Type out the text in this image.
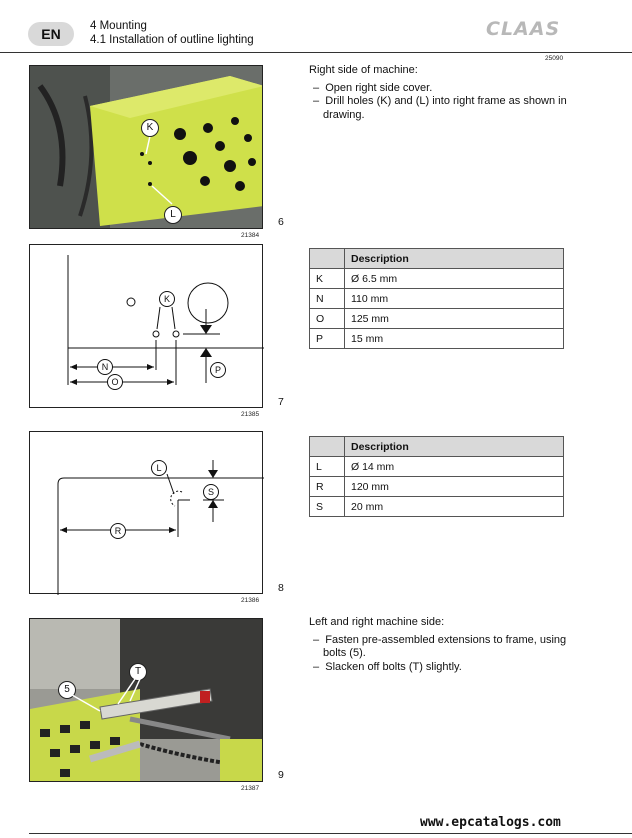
EN	4 Mounting
4.1 Installation of outline lighting	CLAAS
25090
K
L
21384
6
Right side of machine:

– Open right side cover.

– Drill holes (K) and (L) into right frame as shown in drawing.

K
N
O
P
21385
7
	Description
K	Ø 6.5 mm
N	110 mm
O	125 mm
P	15 mm
L
S
R
21386
8
	Description
L	Ø 14 mm
R	120 mm
S	20 mm
T
5
21387
9
Left and right machine side:

– Fasten pre-assembled extensions to frame, using bolts (5).

– Slacken off bolts (T) slightly.

www.epcatalogs.com
